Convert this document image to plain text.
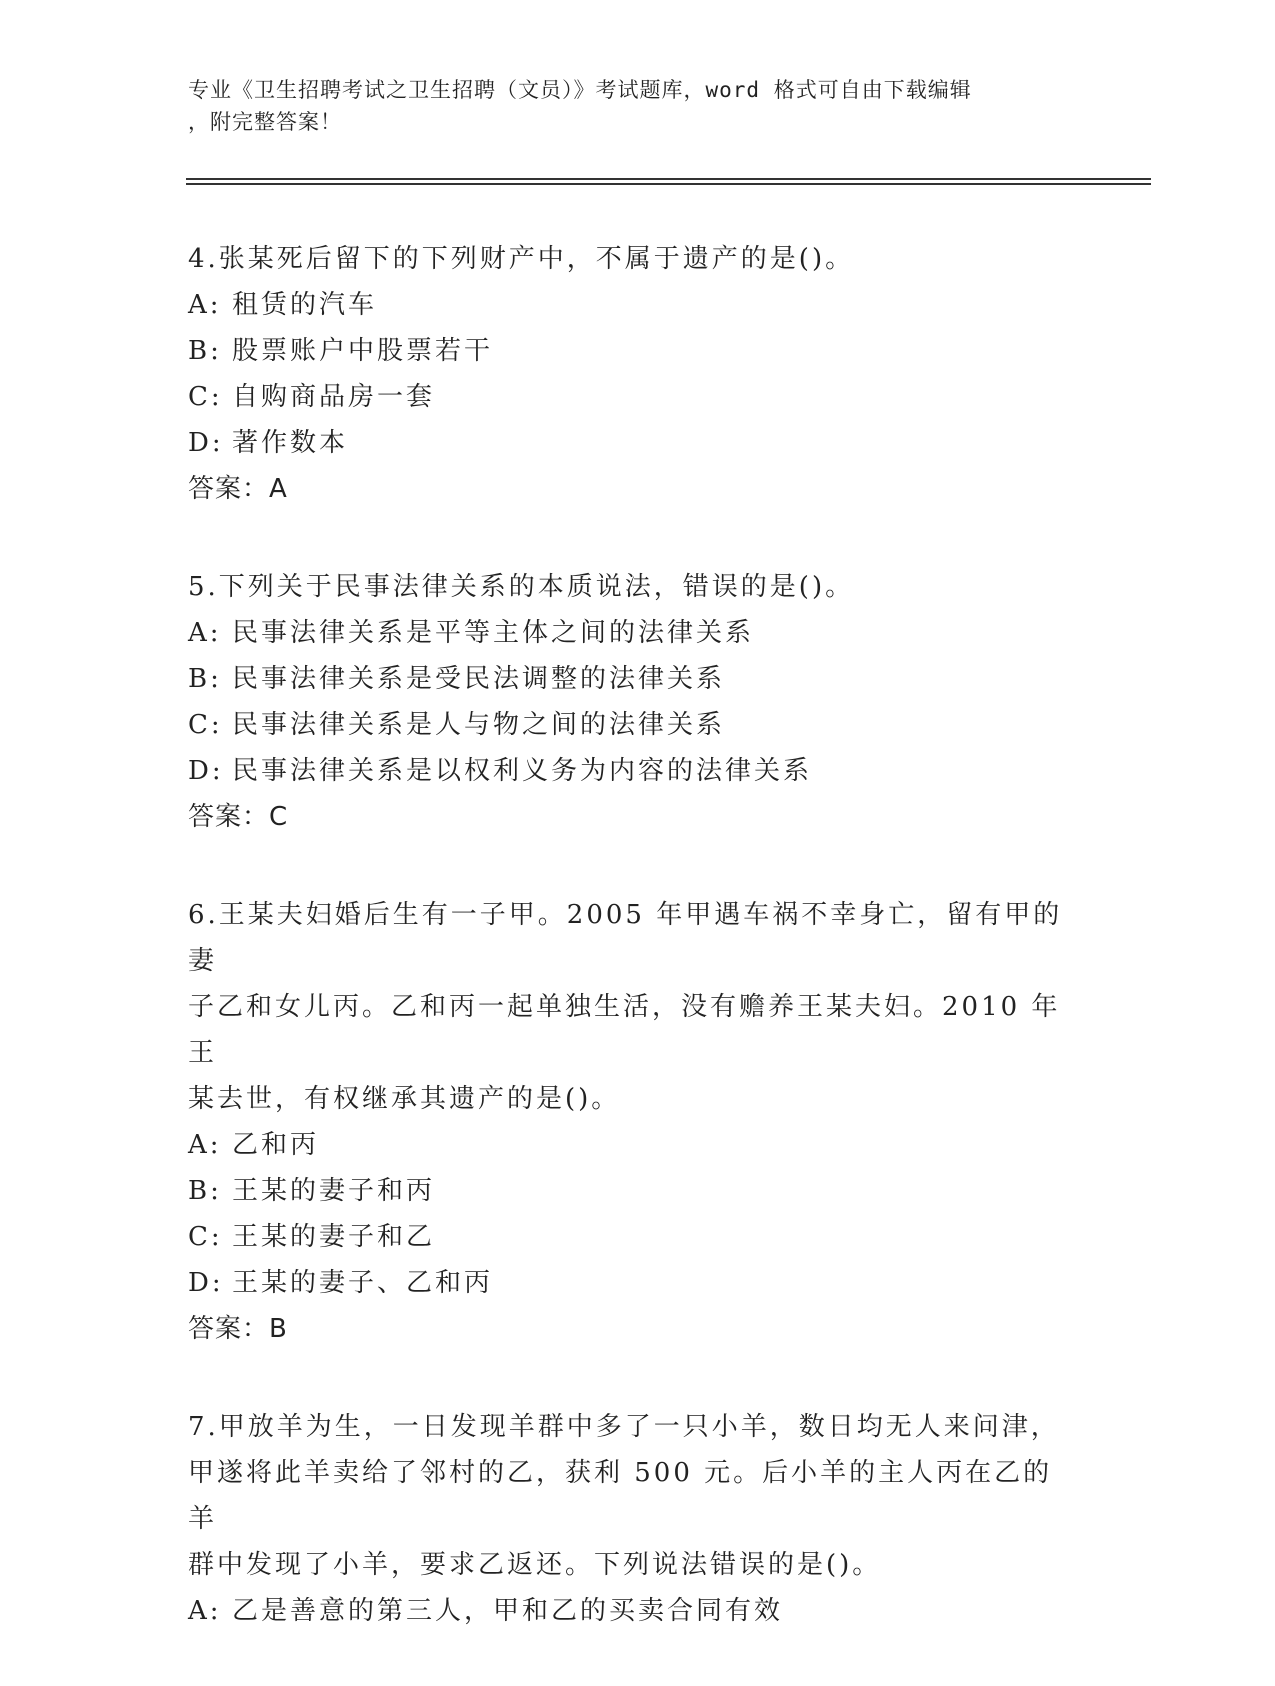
专业《卫生招聘考试之卫生招聘（文员）》考试题库，word 格式可自由下载编辑
，附完整答案！

4.张某死后留下的下列财产中，不属于遗产的是()。

A: 租赁的汽车
B: 股票账户中股票若干
C: 自购商品房一套
D: 著作数本

答案：A

5.下列关于民事法律关系的本质说法，错误的是()。

A: 民事法律关系是平等主体之间的法律关系
B: 民事法律关系是受民法调整的法律关系
C: 民事法律关系是人与物之间的法律关系
D: 民事法律关系是以权利义务为内容的法律关系

答案：C

6.王某夫妇婚后生有一子甲。2005 年甲遇车祸不幸身亡，留有甲的妻

子乙和女儿丙。乙和丙一起单独生活，没有赡养王某夫妇。2010 年王

某去世，有权继承其遗产的是()。

A: 乙和丙
B: 王某的妻子和丙
C: 王某的妻子和乙
D: 王某的妻子、乙和丙

答案：B

7.甲放羊为生，一日发现羊群中多了一只小羊，数日均无人来问津，

甲遂将此羊卖给了邻村的乙，获利 500 元。后小羊的主人丙在乙的羊

群中发现了小羊，要求乙返还。下列说法错误的是()。

A: 乙是善意的第三人，甲和乙的买卖合同有效
